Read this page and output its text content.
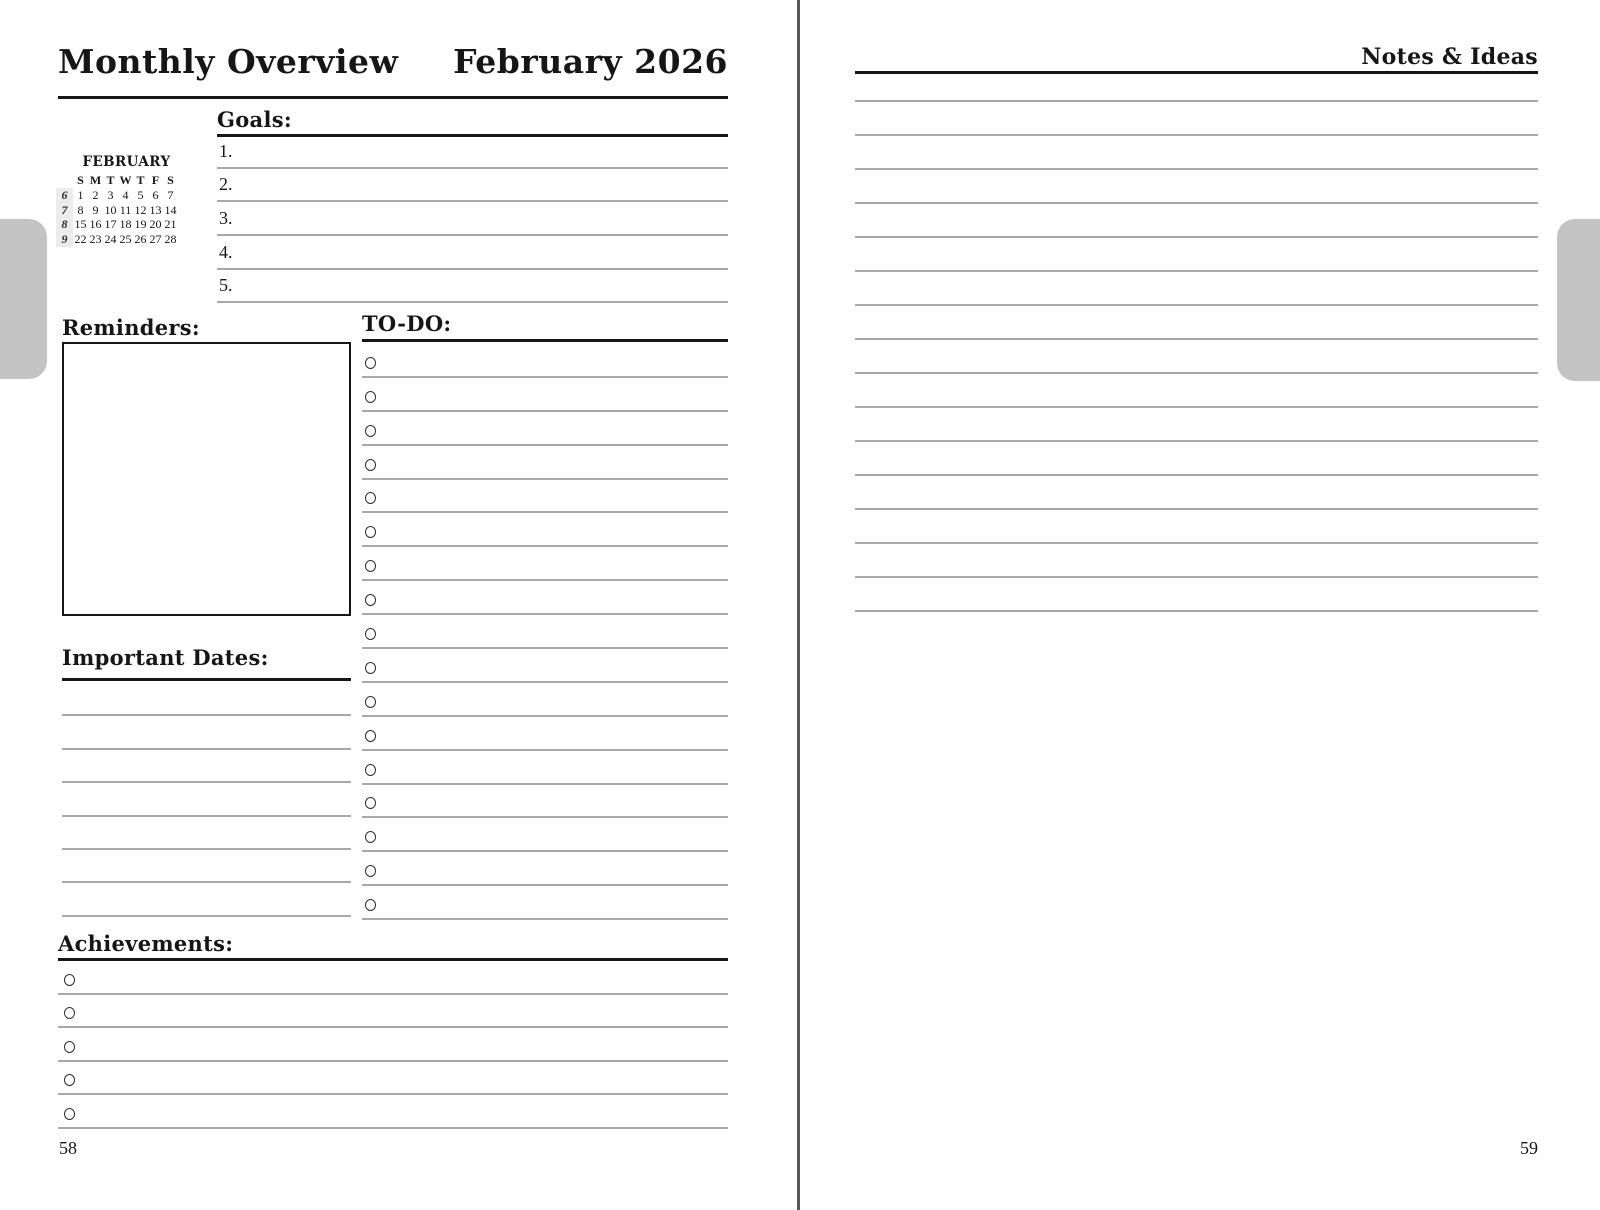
Monthly Overview February 2026
FEBRUARY
S M T W T F S
6 1 2 3 4 5 6 7
7 8 9 10 11 12 13 14
8 15 16 17 18 19 20 21
9 22 23 24 25 26 27 28
Goals:
1.
2.
3.
4.
5.
Reminders:	TO-DO:
Important Dates:
Achievements:
58
Notes & Ideas
59
